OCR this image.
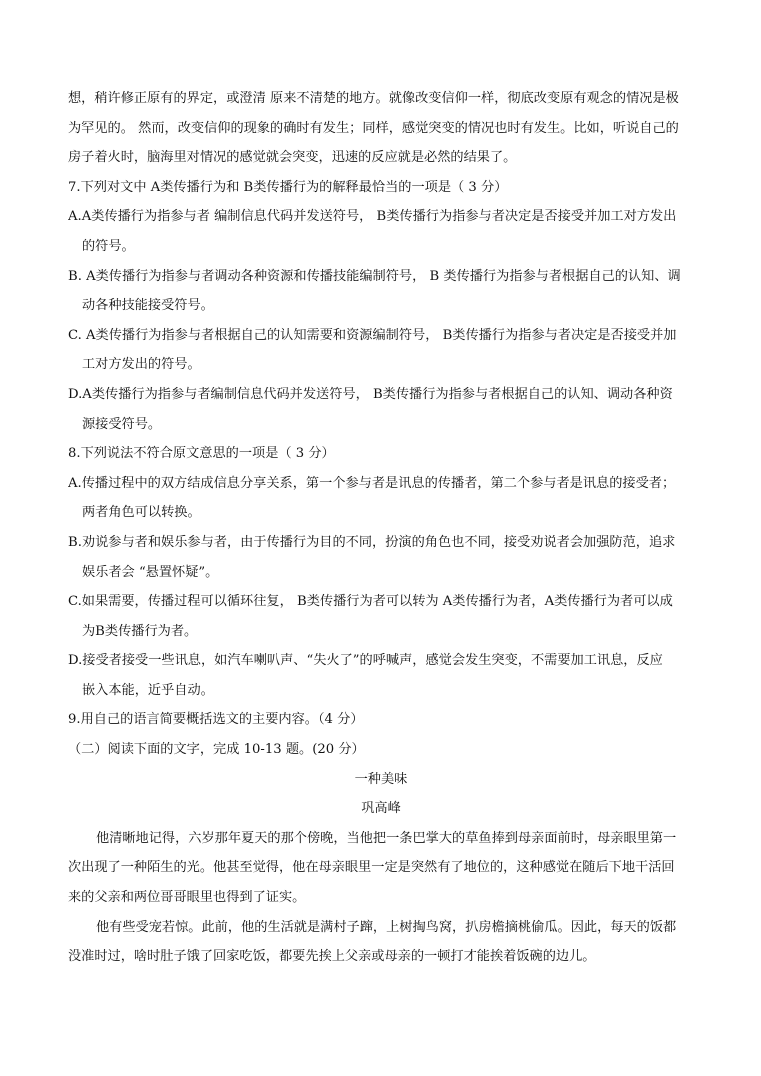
想，稍许修正原有的界定，或澄清 原来不清楚的地方。就像改变信仰一样，彻底改变原有观念的情况是极
为罕见的。 然而，改变信仰的现象的确时有发生；同样，感觉突变的情况也时有发生。比如，听说自己的
房子着火时，脑海里对情况的感觉就会突变，迅速的反应就是必然的结果了。
7.下列对文中 A类传播行为和 B类传播行为的解释最恰当的一项是（ 3 分）
A.A类传播行为指参与者 编制信息代码并发送符号， B类传播行为指参与者决定是否接受并加工对方发出
的符号。
B. A类传播行为指参与者调动各种资源和传播技能编制符号， B 类传播行为指参与者根据自己的认知、调
动各种技能接受符号。
C. A类传播行为指参与者根据自己的认知需要和资源编制符号， B类传播行为指参与者决定是否接受并加
工对方发出的符号。
D.A类传播行为指参与者编制信息代码并发送符号， B类传播行为指参与者根据自己的认知、调动各种资
源接受符号。
8.下列说法不符合原文意思的一项是（ 3 分）
A.传播过程中的双方结成信息分享关系，第一个参与者是讯息的传播者，第二个参与者是讯息的接受者；
两者角色可以转换。
B.劝说参与者和娱乐参与者，由于传播行为目的不同，扮演的角色也不同，接受劝说者会加强防范，追求
娱乐者会 “悬置怀疑”。
C.如果需要，传播过程可以循环往复， B类传播行为者可以转为 A类传播行为者，A类传播行为者可以成
为B类传播行为者。
D.接受者接受一些讯息，如汽车喇叭声、“失火了”的呼喊声，感觉会发生突变，不需要加工讯息，反应
嵌入本能，近乎自动。
9.用自己的语言简要概括选文的主要内容。（4 分）
（二）阅读下面的文字，完成 10-13 题。(20 分）
一种美味
巩高峰
他清晰地记得，六岁那年夏天的那个傍晚，当他把一条巴掌大的草鱼捧到母亲面前时，母亲眼里第一
次出现了一种陌生的光。他甚至觉得，他在母亲眼里一定是突然有了地位的，这种感觉在随后下地干活回
来的父亲和两位哥哥眼里也得到了证实。
他有些受宠若惊。此前，他的生活就是满村子蹿，上树掏鸟窝，扒房檐摘桃偷瓜。因此，每天的饭都
没准时过，啥时肚子饿了回家吃饭，都要先挨上父亲或母亲的一顿打才能挨着饭碗的边儿。
